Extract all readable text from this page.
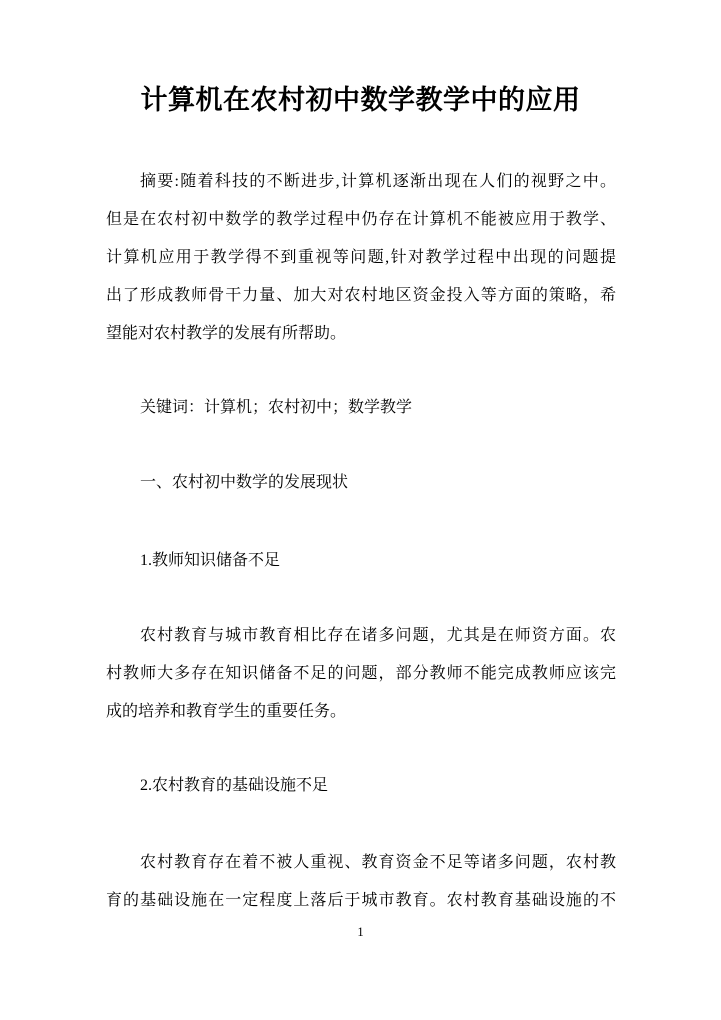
计算机在农村初中数学教学中的应用
摘要:随着科技的不断进步,计算机逐渐出现在人们的视野之中。
但是在农村初中数学的教学过程中仍存在计算机不能被应用于教学、
计算机应用于教学得不到重视等问题,针对教学过程中出现的问题提
出了形成教师骨干力量、加大对农村地区资金投入等方面的策略，希
望能对农村教学的发展有所帮助。
关键词：计算机；农村初中；数学教学
一、农村初中数学的发展现状
1.教师知识储备不足
农村教育与城市教育相比存在诸多问题，尤其是在师资方面。农
村教师大多存在知识储备不足的问题，部分教师不能完成教师应该完
成的培养和教育学生的重要任务。
2.农村教育的基础设施不足
农村教育存在着不被人重视、教育资金不足等诸多问题，农村教
育的基础设施在一定程度上落后于城市教育。农村教育基础设施的不
1
